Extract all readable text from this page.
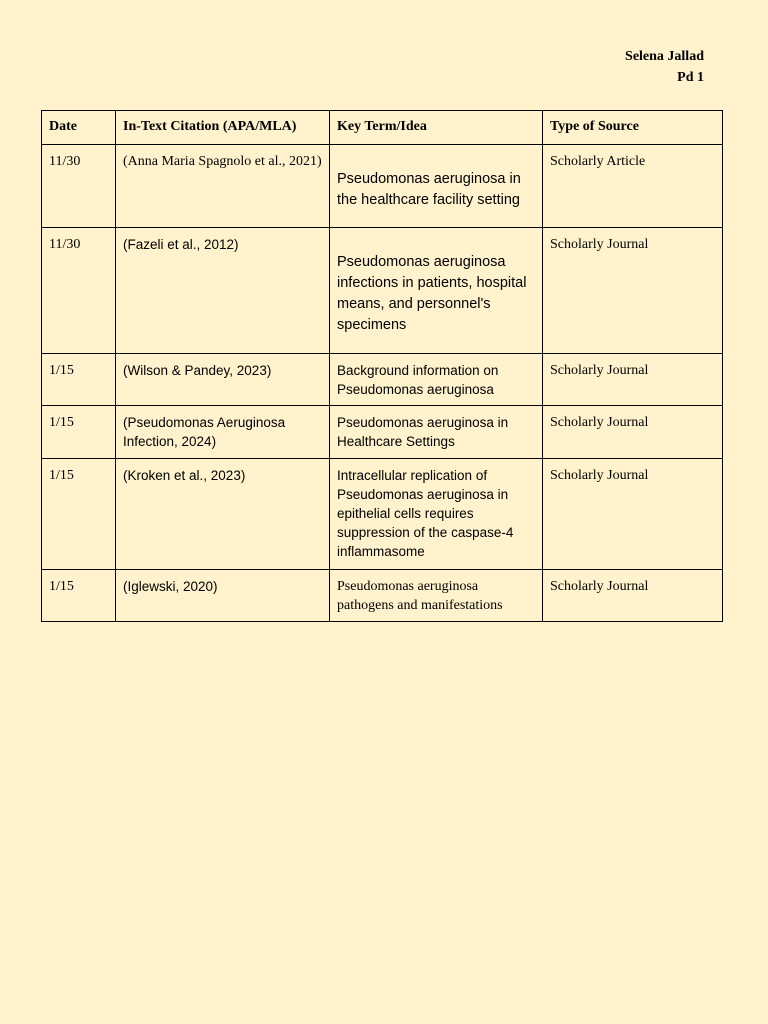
Selena Jallad
Pd 1
Date	In-Text Citation (APA/MLA)	Key Term/Idea	Type of Source
11/30	(Anna Maria Spagnolo et al., 2021)	Pseudomonas aeruginosa in the healthcare facility setting	Scholarly Article
11/30	(Fazeli et al., 2012)	Pseudomonas aeruginosa infections in patients, hospital means, and personnel's specimens	Scholarly Journal
1/15	(Wilson & Pandey, 2023)	Background information on Pseudomonas aeruginosa	Scholarly Journal
1/15	(Pseudomonas Aeruginosa Infection, 2024)	Pseudomonas aeruginosa in Healthcare Settings	Scholarly Journal
1/15	(Kroken et al., 2023)	Intracellular replication of Pseudomonas aeruginosa in epithelial cells requires suppression of the caspase-4 inflammasome	Scholarly Journal
1/15	(Iglewski, 2020)	Pseudomonas aeruginosa pathogens and manifestations	Scholarly Journal
